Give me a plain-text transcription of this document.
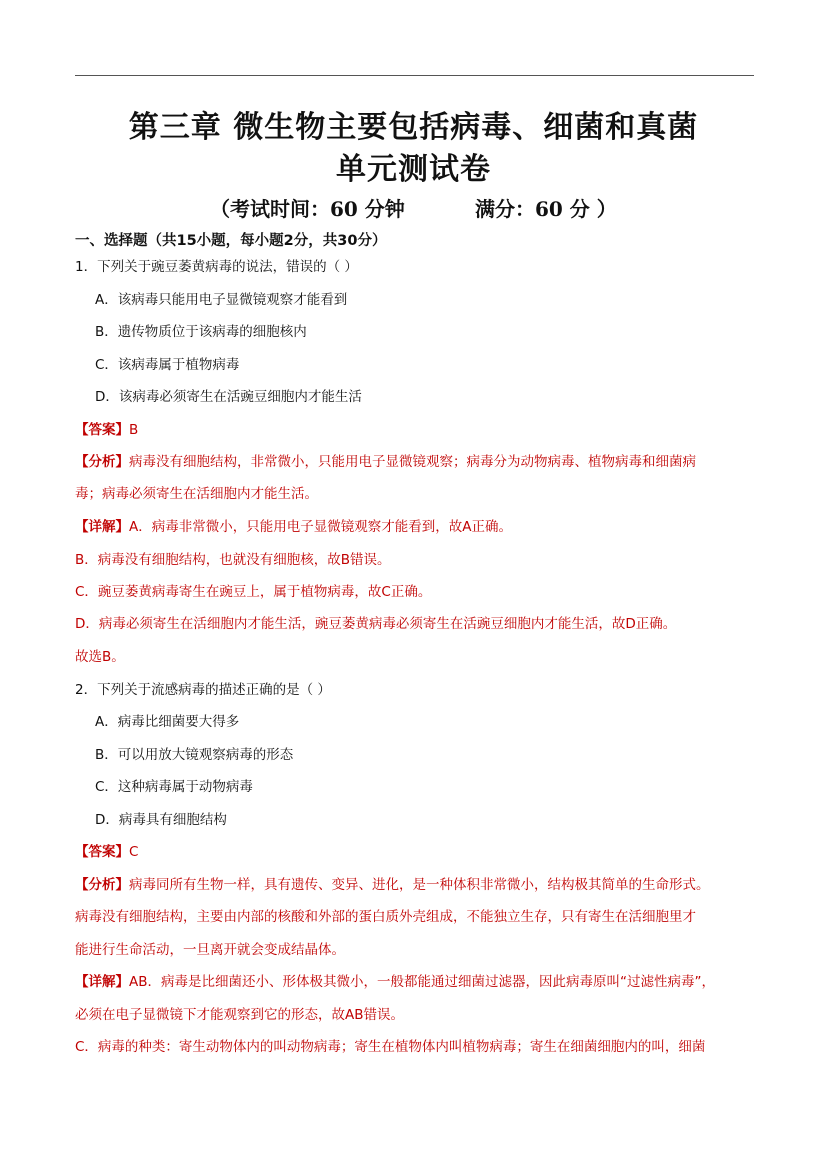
第三章 微生物主要包括病毒、细菌和真菌
单元测试卷
（考试时间：60 分钟	满分：60 分 ）
一、选择题（共15小题，每小题2分，共30分）
1．下列关于豌豆萎黄病毒的说法，错误的（ ）
A．该病毒只能用电子显微镜观察才能看到
B．遗传物质位于该病毒的细胞核内
C．该病毒属于植物病毒
D．该病毒必须寄生在活豌豆细胞内才能生活
【答案】B
【分析】病毒没有细胞结构，非常微小，只能用电子显微镜观察；病毒分为动物病毒、植物病毒和细菌病
毒；病毒必须寄生在活细胞内才能生活。
【详解】A．病毒非常微小，只能用电子显微镜观察才能看到，故A正确。
B．病毒没有细胞结构，也就没有细胞核，故B错误。
C．豌豆萎黄病毒寄生在豌豆上，属于植物病毒，故C正确。
D．病毒必须寄生在活细胞内才能生活，豌豆萎黄病毒必须寄生在活豌豆细胞内才能生活，故D正确。
故选B。
2．下列关于流感病毒的描述正确的是（ ）
A．病毒比细菌要大得多
B．可以用放大镜观察病毒的形态
C．这种病毒属于动物病毒
D．病毒具有细胞结构
【答案】C
【分析】病毒同所有生物一样，具有遗传、变异、进化，是一种体积非常微小，结构极其简单的生命形式。
病毒没有细胞结构，主要由内部的核酸和外部的蛋白质外壳组成，不能独立生存，只有寄生在活细胞里才
能进行生命活动，一旦离开就会变成结晶体。
【详解】AB．病毒是比细菌还小、形体极其微小，一般都能通过细菌过滤器，因此病毒原叫“过滤性病毒”，
必须在电子显微镜下才能观察到它的形态，故AB错误。
C．病毒的种类：寄生动物体内的叫动物病毒；寄生在植物体内叫植物病毒；寄生在细菌细胞内的叫，细菌
